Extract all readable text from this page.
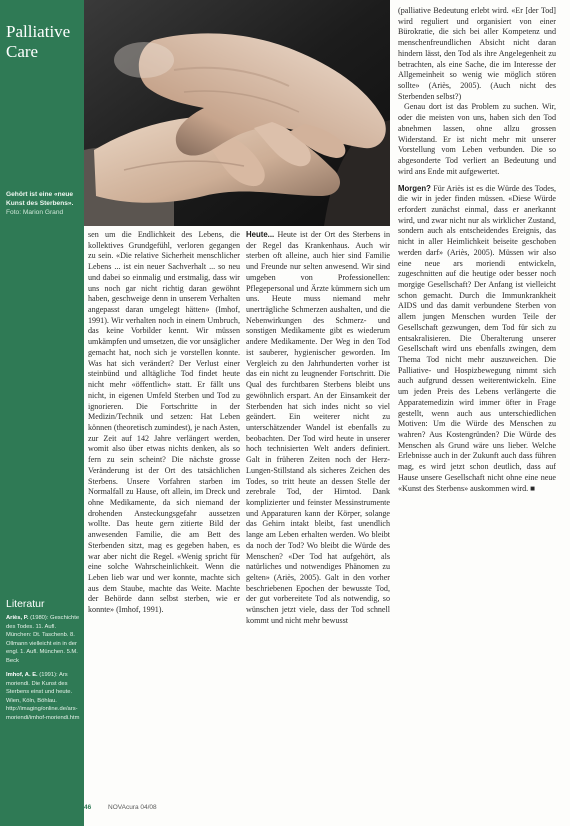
Palliative Care
Gehört ist eine «neue Kunst des Sterbens».
Foto: Marion Grand
Literatur
Ariès, P. (1980): Geschichte des Todes. 11. Aufl. München: Dt. Taschenb. 8. Ollmann vielleicht ein in der engl. 1. Aufl. München. 5.M. Beck
Imhof, A. E. (1991): Ars moriendi. Die Kunst des Sterbens einst und heute. Wien, Köln, Böhlau. http://imaging/online.de/ars-moriendi/imhof-moriendi.htm

sen um die Endlichkeit des Lebens, die kollektives Grundgefühl, verloren gegangen zu sein. «Die relative Sicherheit menschlicher Lebens ... ist ein neuer Sachverhalt ... so neu und dabei so einmalig und erstmalig, dass wir uns noch gar nicht richtig daran gewöhnt haben, geschweige denn in unserem Verhalten angepasst daran umgelegt hätten» (Imhof, 1991). Wir verhalten noch in einem Umbruch, das keine Vorbilder kennt. Wir müssen umkämpfen und umsetzen, die vor unsäglicher gemacht hat, noch sich je vorstellen konnte. Was hat sich verändert? Der Verlust einer steinbünd und alltägliche Tod findet heute nicht mehr «öffentlich» statt. Er fällt uns nicht, in eigenen Umfeld Sterben und Tod zu ignorieren. Die Fortschritte in der Medizin/Technik und setzen: Hat Leben können (theoretisch zumindest), je nach Asten, zur Zeit auf 142 Jahre verlängert werden, womit also über etwas nichts denken, als so fern zu sein scheint? Die nächste grosse Veränderung ist der Ort des tatsächlichen Sterbens. Unsere Vorfahren starben im Normalfall zu Hause, oft allein, im Dreck und ohne Medikamente, da sich niemand der drohenden Ansteckungsgefahr aussetzen wollte. Das heute gern zitierte Bild der anwesenden Familie, die am Bett des Sterbenden sitzt, mag es gegeben haben, es war aber nicht die Regel. «Wenig spricht für eine solche Wahrscheinlichkeit. Wenn die Leben lieb war und wer konnte, machte sich aus dem Staube, machte das Weite. Machte der Behörde dann selbst sterben, wie er konnte» (Imhof, 1991).

Heute... Heute ist der Ort des Sterbens in der Regel das Krankenhaus. Auch wir sterben oft alleine, auch hier sind Familie und Freunde nur selten anwesend. Wir sind umgeben von Professionellen: Pflegepersonal und Ärzte kümmern sich um uns. Heute muss niemand mehr unerträgliche Schmerzen aushalten, und die Nebenwirkungen des Schmerz- und sonstigen Medikamente gibt es wiederum andere Medikamente. Der Weg in den Tod ist sauberer, hygienischer geworden. Im Vergleich zu den Jahrhunderten vorher ist das ein nicht zu leugnender Fortschritt. Die Qual des furchtbaren Sterbens bleibt uns gewöhnlich erspart. An der Einsamkeit der Sterbenden hat sich indes nicht so viel geändert. Ein weiterer nicht zu unterschätzender Wandel ist ebenfalls zu beobachten. Der Tod wird heute in unserer hoch technisierten Welt anders definiert. Galt in früheren Zeiten noch der Herz-Lungen-Stillstand als sicheres Zeichen des Todes, so tritt heute an dessen Stelle der zerebrale Tod, der Hirntod. Dank komplizierter und feinster Messinstrumente und Apparaturen kann der Körper, solange das Gehirn intakt bleibt, fast unendlich lange am Leben erhalten werden. Wo bleibt da noch der Tod? Wo bleibt die Würde des Menschen? «Der Tod hat aufgehört, als natürliches und notwendiges Phänomen zu gelten» (Ariès, 2005). Galt in den vorher beschriebenen Epochen der bewusste Tod, der gut vorbereitete Tod als notwendig, so wünschen jetzt viele, dass der Tod schnell kommt und nicht mehr bewusst

(palliative Bedeutung erlebt wird. «Er [der Tod] wird reguliert und organisiert von einer Bürokratie, die sich bei aller Kompetenz und menschenfreundlichen Absicht nicht daran hindern lässt, den Tod als ihre Angelegenheit zu betrachten, als eine Sache, die im Interesse der Allgemeinheit so wenig wie möglich stören sollte» (Ariès, 2005). (Auch nicht des Sterbenden selbst?)

Genau dort ist das Problem zu suchen. Wir, oder die meisten von uns, haben sich den Tod abnehmen lassen, ohne allzu grossen Widerstand. Er ist nicht mehr mit unserer Vorstellung vom Leben verbunden. Die so abgesonderte Tod verliert an Bedeutung und wird ans Ende mit aufgewertet.

Morgen? Für Ariès ist es die Würde des Todes, die wir in jeder finden müssen. «Diese Würde erfordert zunächst einmal, dass er anerkannt wird, und zwar nicht nur als wirklicher Zustand, sondern auch als entscheidendes Ereignis, das nicht in aller Heimlichkeit beiseite geschoben werden darf» (Ariès, 2005). Müssen wir also eine neue ars moriendi entwickeln, zugeschnitten auf die heutige oder besser noch morgige Gesellschaft? Der Anfang ist vielleicht schon gemacht. Durch die Immunkrankheit AIDS und das damit verbundene Sterben von allem jungen Menschen wurden Teile der Gesellschaft gezwungen, dem Tod für sich zu entsakralisieren. Die Überalterung unserer Gesellschaft wird uns ebenfalls zwingen, dem Thema Tod nicht mehr auszuweichen. Die Palliative- und Hospizbewegung nimmt sich auch aufgrund dessen weiterentwickeln. Eine um jeden Preis des Lebens verlängerte die Apparatemedizin wird immer öfter in Frage gestellt, wenn auch aus unterschiedlichen Motiven: Um die Würde des Menschen zu wahren? Aus Kostengründen? Die Würde des Menschen als Grund wäre uns lieber. Welche Erlebnisse auch in der Zukunft auch dass führen mag, es wird jetzt schon deutlich, dass auf Hause unsere Gesellschaft nicht ohne eine neue «Kunst des Sterbens» auskommen wird. ■

46	NOVAcura 04/08
